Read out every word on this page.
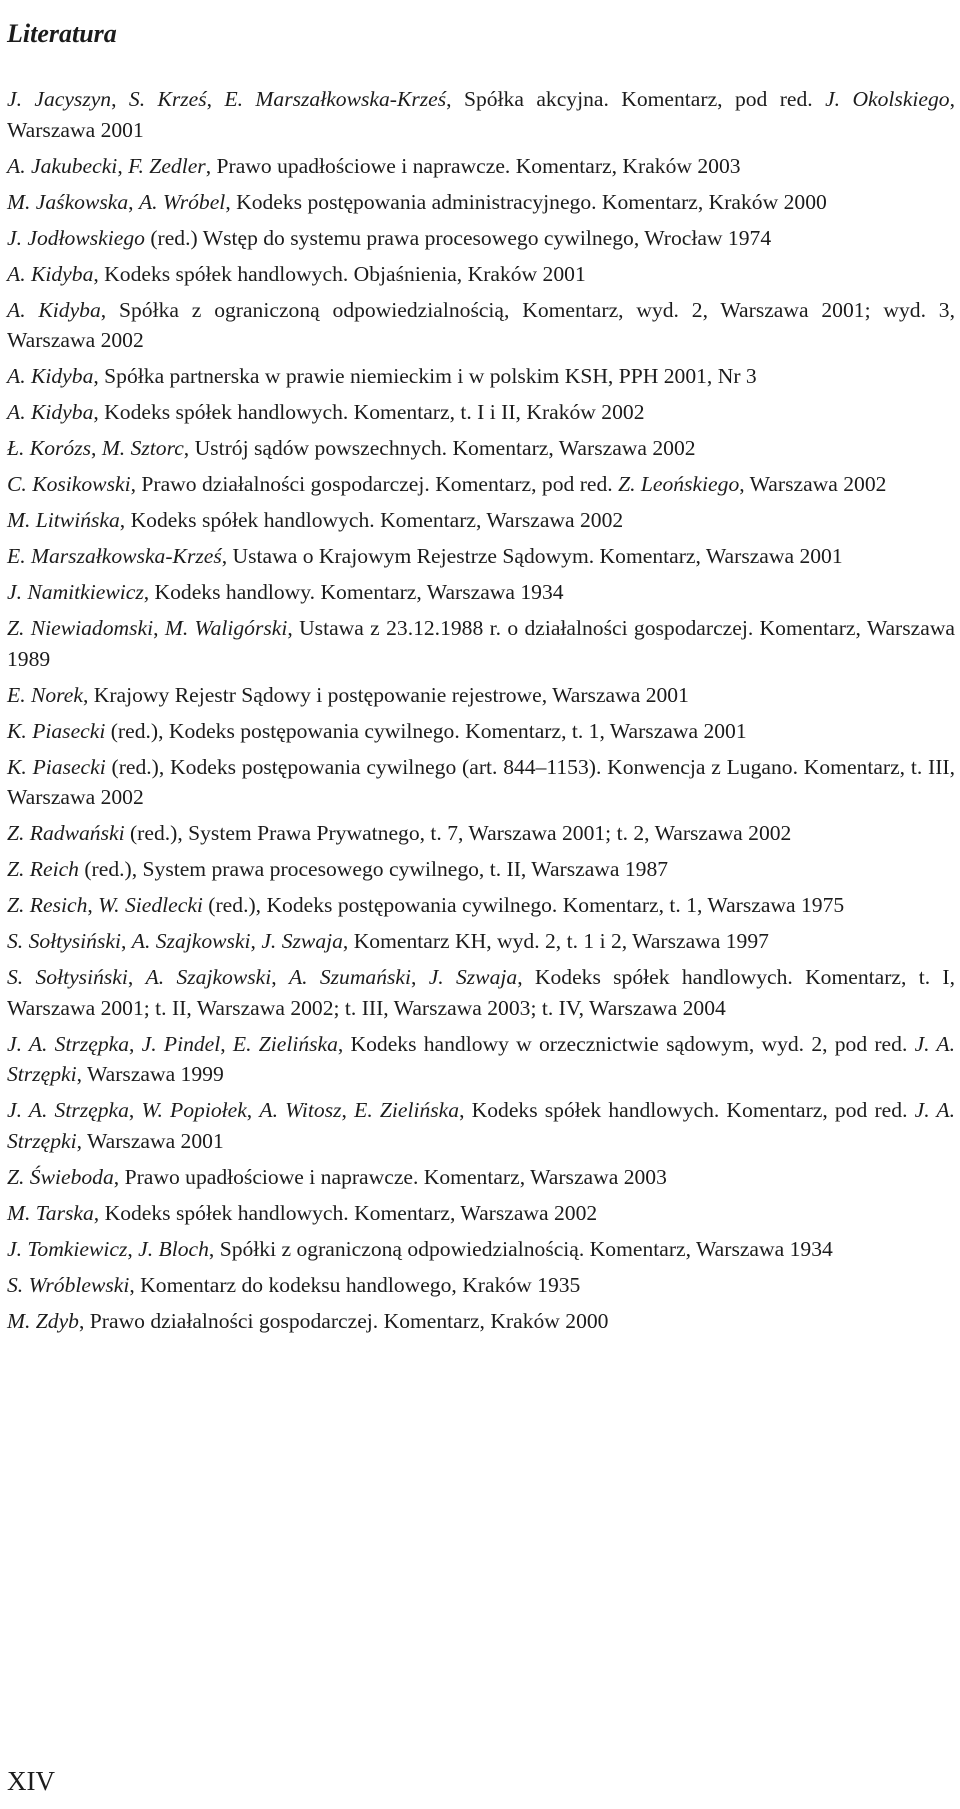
Literatura
J. Jacyszyn, S. Krześ, E. Marszałkowska-Krześ, Spółka akcyjna. Komentarz, pod red. J. Okolskiego, Warszawa 2001
A. Jakubecki, F. Zedler, Prawo upadłościowe i naprawcze. Komentarz, Kraków 2003
M. Jaśkowska, A. Wróbel, Kodeks postępowania administracyjnego. Komentarz, Kraków 2000
J. Jodłowskiego (red.) Wstęp do systemu prawa procesowego cywilnego, Wrocław 1974
A. Kidyba, Kodeks spółek handlowych. Objaśnienia, Kraków 2001
A. Kidyba, Spółka z ograniczoną odpowiedzialnością, Komentarz, wyd. 2, Warszawa 2001; wyd. 3, Warszawa 2002
A. Kidyba, Spółka partnerska w prawie niemieckim i w polskim KSH, PPH 2001, Nr 3
A. Kidyba, Kodeks spółek handlowych. Komentarz, t. I i II, Kraków 2002
Ł. Korózs, M. Sztorc, Ustrój sądów powszechnych. Komentarz, Warszawa 2002
C. Kosikowski, Prawo działalności gospodarczej. Komentarz, pod red. Z. Leońskiego, Warszawa 2002
M. Litwińska, Kodeks spółek handlowych. Komentarz, Warszawa 2002
E. Marszałkowska-Krześ, Ustawa o Krajowym Rejestrze Sądowym. Komentarz, Warszawa 2001
J. Namitkiewicz, Kodeks handlowy. Komentarz, Warszawa 1934
Z. Niewiadomski, M. Waligórski, Ustawa z 23.12.1988 r. o działalności gospodarczej. Komentarz, Warszawa 1989
E. Norek, Krajowy Rejestr Sądowy i postępowanie rejestrowe, Warszawa 2001
K. Piasecki (red.), Kodeks postępowania cywilnego. Komentarz, t. 1, Warszawa 2001
K. Piasecki (red.), Kodeks postępowania cywilnego (art. 844–1153). Konwencja z Lugano. Komentarz, t. III, Warszawa 2002
Z. Radwański (red.), System Prawa Prywatnego, t. 7, Warszawa 2001; t. 2, Warszawa 2002
Z. Reich (red.), System prawa procesowego cywilnego, t. II, Warszawa 1987
Z. Resich, W. Siedlecki (red.), Kodeks postępowania cywilnego. Komentarz, t. 1, Warszawa 1975
S. Sołtysiński, A. Szajkowski, J. Szwaja, Komentarz KH, wyd. 2, t. 1 i 2, Warszawa 1997
S. Sołtysiński, A. Szajkowski, A. Szumański, J. Szwaja, Kodeks spółek handlowych. Komentarz, t. I, Warszawa 2001; t. II, Warszawa 2002; t. III, Warszawa 2003; t. IV, Warszawa 2004
J. A. Strzępka, J. Pindel, E. Zielińska, Kodeks handlowy w orzecznictwie sądowym, wyd. 2, pod red. J. A. Strzępki, Warszawa 1999
J. A. Strzępka, W. Popiołek, A. Witosz, E. Zielińska, Kodeks spółek handlowych. Komentarz, pod red. J. A. Strzępki, Warszawa 2001
Z. Świeboda, Prawo upadłościowe i naprawcze. Komentarz, Warszawa 2003
M. Tarska, Kodeks spółek handlowych. Komentarz, Warszawa 2002
J. Tomkiewicz, J. Bloch, Spółki z ograniczoną odpowiedzialnością. Komentarz, Warszawa 1934
S. Wróblewski, Komentarz do kodeksu handlowego, Kraków 1935
M. Zdyb, Prawo działalności gospodarczej. Komentarz, Kraków 2000
XIV
